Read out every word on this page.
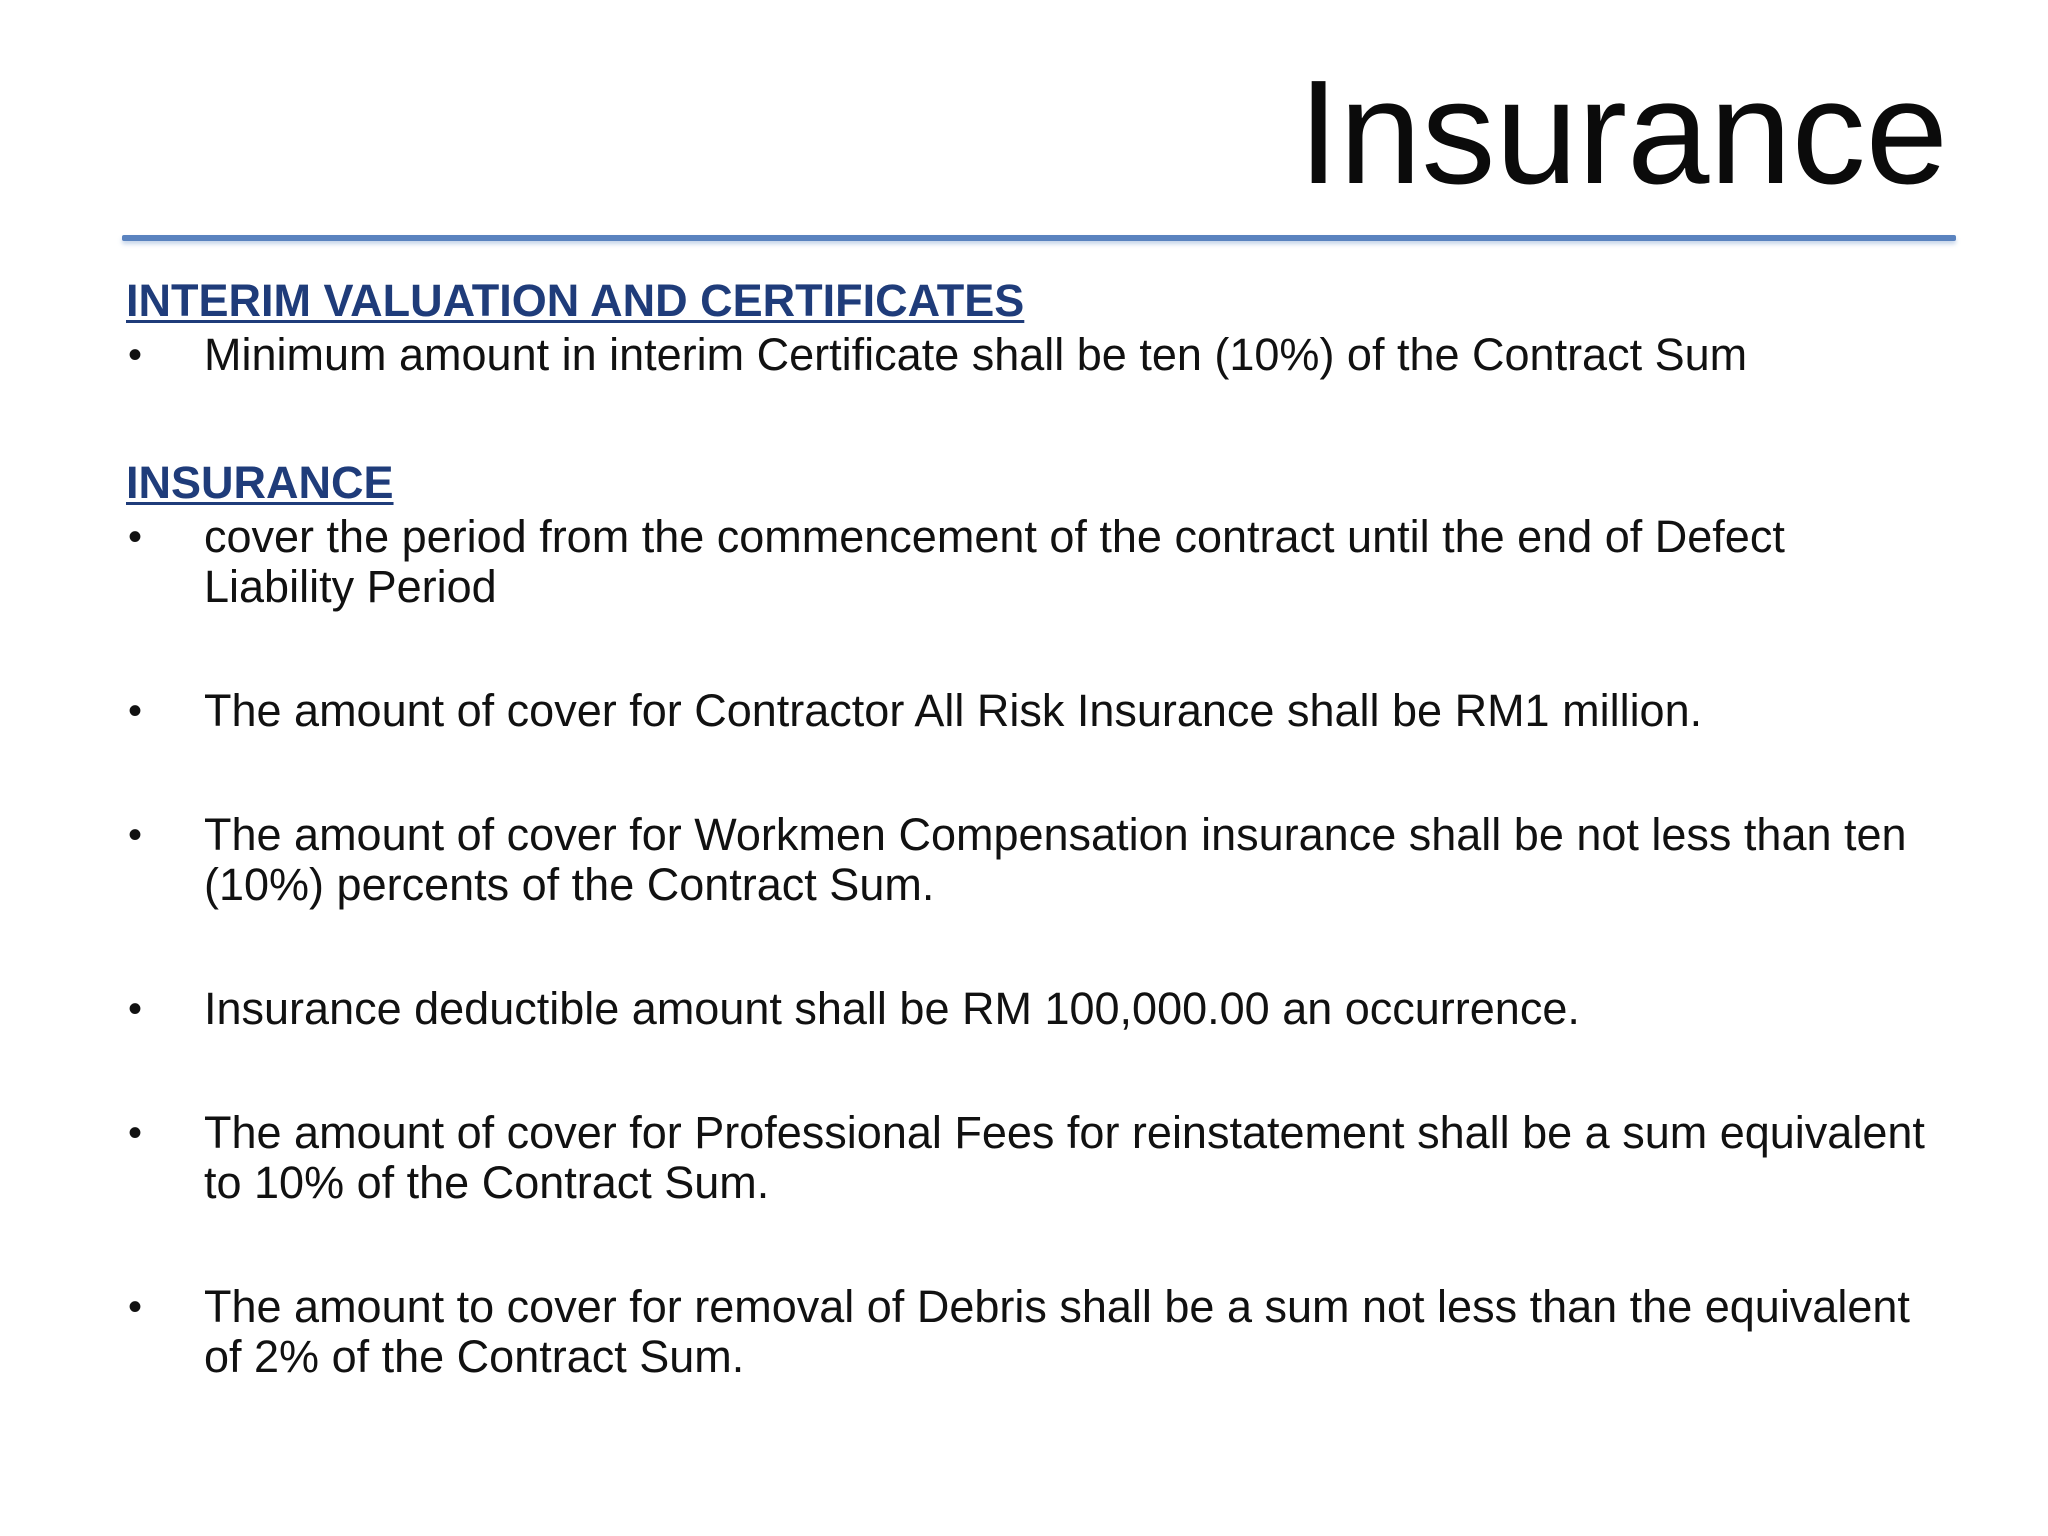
Insurance
INTERIM VALUATION AND CERTIFICATES
• Minimum amount in interim Certificate shall be ten (10%) of the Contract Sum
INSURANCE
• cover the period from the commencement of the contract until the end of Defect Liability Period
• The amount of cover for Contractor All Risk Insurance shall be RM1 million.
• The amount of cover for Workmen Compensation insurance shall be not less than ten (10%) percents of the Contract Sum.
• Insurance deductible amount shall be RM 100,000.00 an occurrence.
• The amount of cover for Professional Fees for reinstatement shall be a sum equivalent to 10% of the Contract Sum.
• The amount to cover for removal of Debris shall be a sum not less than the equivalent of 2% of the Contract Sum.
